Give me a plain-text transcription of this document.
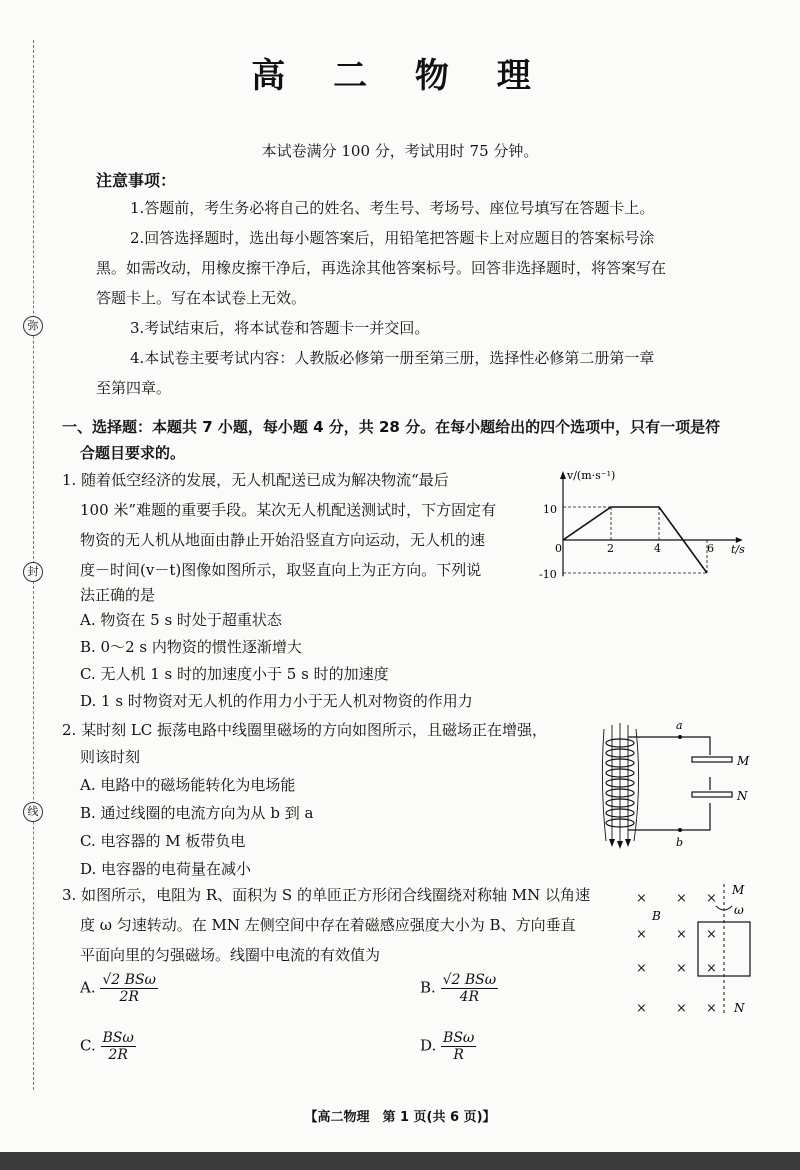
弥
封
线
高 二 物 理
本试卷满分 100 分，考试用时 75 分钟。
注意事项：
1.答题前，考生务必将自己的姓名、考生号、考场号、座位号填写在答题卡上。
2.回答选择题时，选出每小题答案后，用铅笔把答题卡上对应题目的答案标号涂
黑。如需改动，用橡皮擦干净后，再选涂其他答案标号。回答非选择题时，将答案写在
答题卡上。写在本试卷上无效。
3.考试结束后，将本试卷和答题卡一并交回。
4.本试卷主要考试内容：人教版必修第一册至第三册，选择性必修第二册第一章
至第四章。
一、选择题：本题共 7 小题，每小题 4 分，共 28 分。在每小题给出的四个选项中，只有一项是符
合题目要求的。
1. 随着低空经济的发展，无人机配送已成为解决物流“最后
100 米”难题的重要手段。某次无人机配送测试时，下方固定有
物资的无人机从地面由静止开始沿竖直方向运动，无人机的速
度－时间(v－t)图像如图所示，取竖直向上为正方向。下列说
法正确的是
A. 物资在 5 s 时处于超重状态
B. 0～2 s 内物资的惯性逐渐增大
C. 无人机 1 s 时的加速度小于 5 s 时的加速度
D. 1 s 时物资对无人机的作用力小于无人机对物资的作用力
v/(m·s⁻¹)
t/s
10
-10
0	2	4	6
2. 某时刻 LC 振荡电路中线圈里磁场的方向如图所示，且磁场正在增强，
则该时刻
A. 电路中的磁场能转化为电场能
B. 通过线圈的电流方向为从 b 到 a
C. 电容器的 M 板带负电
D. 电容器的电荷量在减小
a
b
M
N
3. 如图所示，电阻为 R、面积为 S 的单匝正方形闭合线圈绕对称轴 MN 以角速
度 ω 匀速转动。在 MN 左侧空间中存在着磁感应强度大小为 B、方向垂直
平面向里的匀强磁场。线圈中电流的有效值为
A. $\frac{\text{√2 BSω}}{2R}$	B. $\frac{\text{√2 BSω}}{4R}$
C. $\frac{\text{BSω}}{2R}$	D. $\frac{\text{BSω}}{R}$
× × ×
× × ×
× × ×
× × ×
M
N
B	ω
【高二物理　第 1 页(共 6 页)】
